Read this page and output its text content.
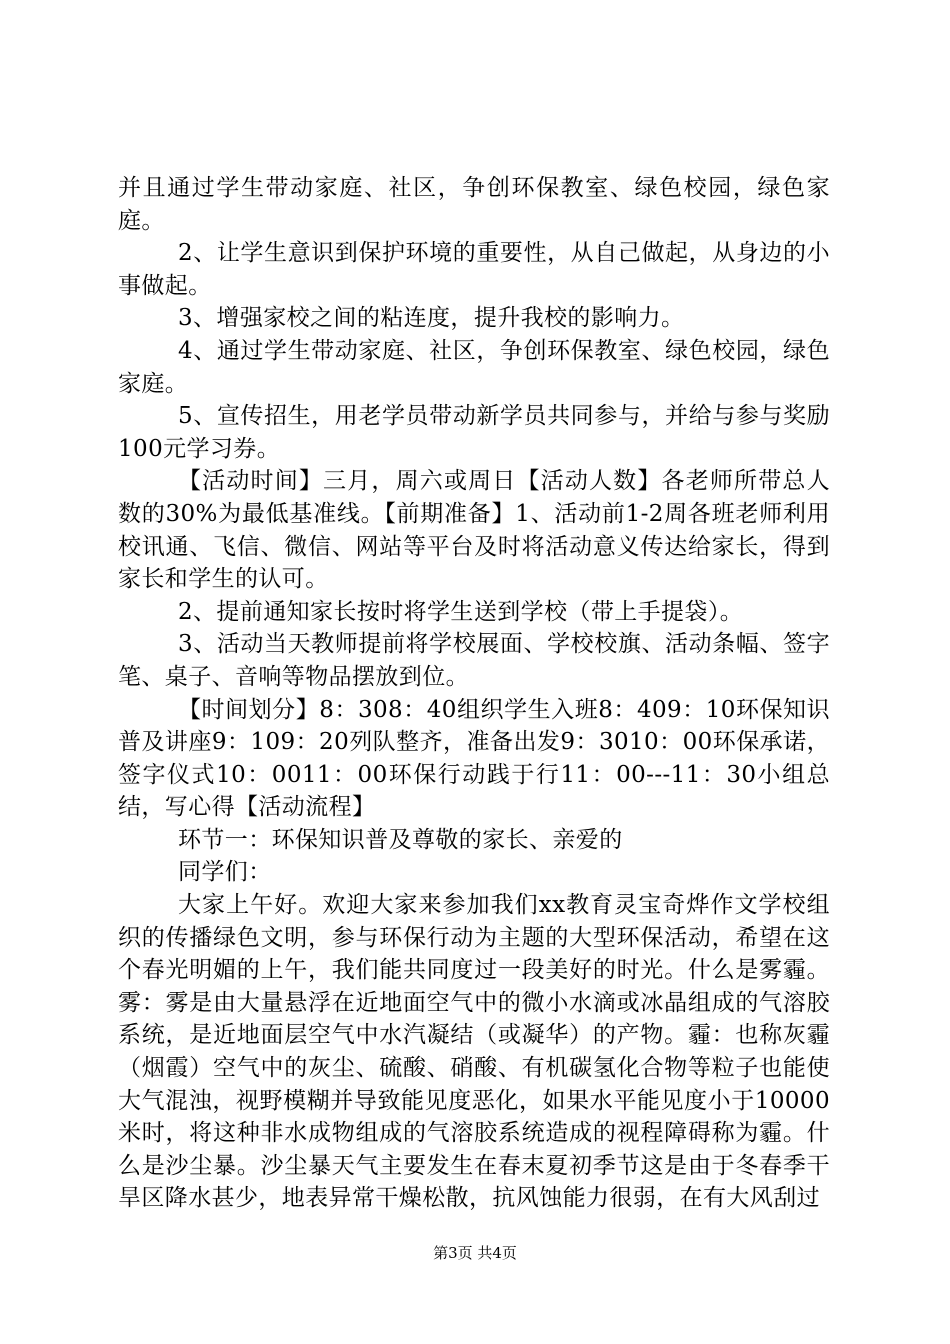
并且通过学生带动家庭、社区，争创环保教室、绿色校园，绿色家庭。

2、让学生意识到保护环境的重要性，从自己做起，从身边的小事做起。

3、增强家校之间的粘连度，提升我校的影响力。

4、通过学生带动家庭、社区，争创环保教室、绿色校园，绿色家庭。

5、宣传招生，用老学员带动新学员共同参与，并给与参与奖励100元学习券。

【活动时间】三月，周六或周日【活动人数】各老师所带总人数的30%为最低基准线。【前期准备】1、活动前1-2周各班老师利用校讯通、飞信、微信、网站等平台及时将活动意义传达给家长，得到家长和学生的认可。

2、提前通知家长按时将学生送到学校（带上手提袋）。

3、活动当天教师提前将学校展面、学校校旗、活动条幅、签字笔、桌子、音响等物品摆放到位。

【时间划分】8：308：40组织学生入班8：409：10环保知识普及讲座9：109：20列队整齐，准备出发9：3010：00环保承诺，签字仪式10：0011：00环保行动践于行11：00---11：30小组总结，写心得【活动流程】

环节一：环保知识普及尊敬的家长、亲爱的

同学们：

大家上午好。欢迎大家来参加我们xx教育灵宝奇烨作文学校组织的传播绿色文明，参与环保行动为主题的大型环保活动，希望在这个春光明媚的上午，我们能共同度过一段美好的时光。什么是雾霾。雾：雾是由大量悬浮在近地面空气中的微小水滴或冰晶组成的气溶胶系统，是近地面层空气中水汽凝结（或凝华）的产物。霾：也称灰霾（烟霞）空气中的灰尘、硫酸、硝酸、有机碳氢化合物等粒子也能使大气混浊，视野模糊并导致能见度恶化，如果水平能见度小于10000米时，将这种非水成物组成的气溶胶系统造成的视程障碍称为霾。什么是沙尘暴。沙尘暴天气主要发生在春末夏初季节这是由于冬春季干旱区降水甚少，地表异常干燥松散，抗风蚀能力很弱，在有大风刮过

第3页 共4页
